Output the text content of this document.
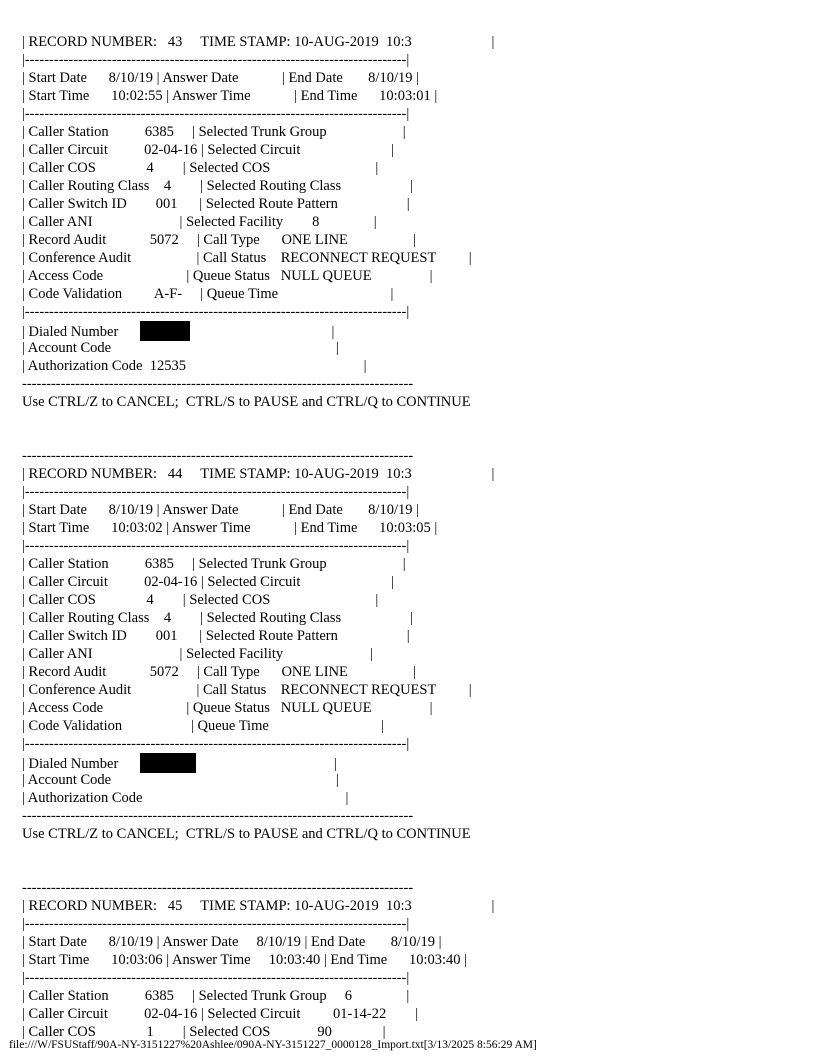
| RECORD NUMBER:   43     TIME STAMP: 10-AUG-2019  10:3                      |
|-------------------------------------------------------------------------------|
| Start Date      8/10/19 | Answer Date            | End Date       8/10/19 |
| Start Time      10:02:55 | Answer Time            | End Time      10:03:01 |
|-------------------------------------------------------------------------------|
| Caller Station          6385     | Selected Trunk Group                     |
| Caller Circuit          02-04-16 | Selected Circuit                         |
| Caller COS              4        | Selected COS                             |
| Caller Routing Class    4        | Selected Routing Class                   |
| Caller Switch ID        001      | Selected Route Pattern                   |
| Caller ANI                        | Selected Facility        8               |
| Record Audit            5072     | Call Type      ONE LINE                  |
| Conference Audit                  | Call Status    RECONNECT REQUEST         |
| Access Code                       | Queue Status   NULL QUEUE                |
| Code Validation         A-F-     | Queue Time                               |
|-------------------------------------------------------------------------------|
| Dialed Number	|
| Account Code                                                              |
| Authorization Code  12535                                                 |
---------------------------------------------------------------------------------
Use CTRL/Z to CANCEL;  CTRL/S to PAUSE and CTRL/Q to CONTINUE
---------------------------------------------------------------------------------
| RECORD NUMBER:   44     TIME STAMP: 10-AUG-2019  10:3                      |
|-------------------------------------------------------------------------------|
| Start Date      8/10/19 | Answer Date            | End Date       8/10/19 |
| Start Time      10:03:02 | Answer Time            | End Time      10:03:05 |
|-------------------------------------------------------------------------------|
| Caller Station          6385     | Selected Trunk Group                     |
| Caller Circuit          02-04-16 | Selected Circuit                         |
| Caller COS              4        | Selected COS                             |
| Caller Routing Class    4        | Selected Routing Class                   |
| Caller Switch ID        001      | Selected Route Pattern                   |
| Caller ANI                        | Selected Facility                        |
| Record Audit            5072     | Call Type      ONE LINE                  |
| Conference Audit                  | Call Status    RECONNECT REQUEST         |
| Access Code                       | Queue Status   NULL QUEUE                |
| Code Validation                   | Queue Time                               |
|-------------------------------------------------------------------------------|
| Dialed Number	|
| Account Code                                                              |
| Authorization Code                                                        |
---------------------------------------------------------------------------------
Use CTRL/Z to CANCEL;  CTRL/S to PAUSE and CTRL/Q to CONTINUE
---------------------------------------------------------------------------------
| RECORD NUMBER:   45     TIME STAMP: 10-AUG-2019  10:3                      |
|-------------------------------------------------------------------------------|
| Start Date      8/10/19 | Answer Date     8/10/19 | End Date       8/10/19 |
| Start Time      10:03:06 | Answer Time     10:03:40 | End Time      10:03:40 |
|-------------------------------------------------------------------------------|
| Caller Station          6385     | Selected Trunk Group     6               |
| Caller Circuit          02-04-16 | Selected Circuit         01-14-22        |
| Caller COS              1        | Selected COS             90              |
file:///W/FSUStaff/90A-NY-3151227%20Ashlee/090A-NY-3151227_0000128_Import.txt[3/13/2025 8:56:29 AM]
